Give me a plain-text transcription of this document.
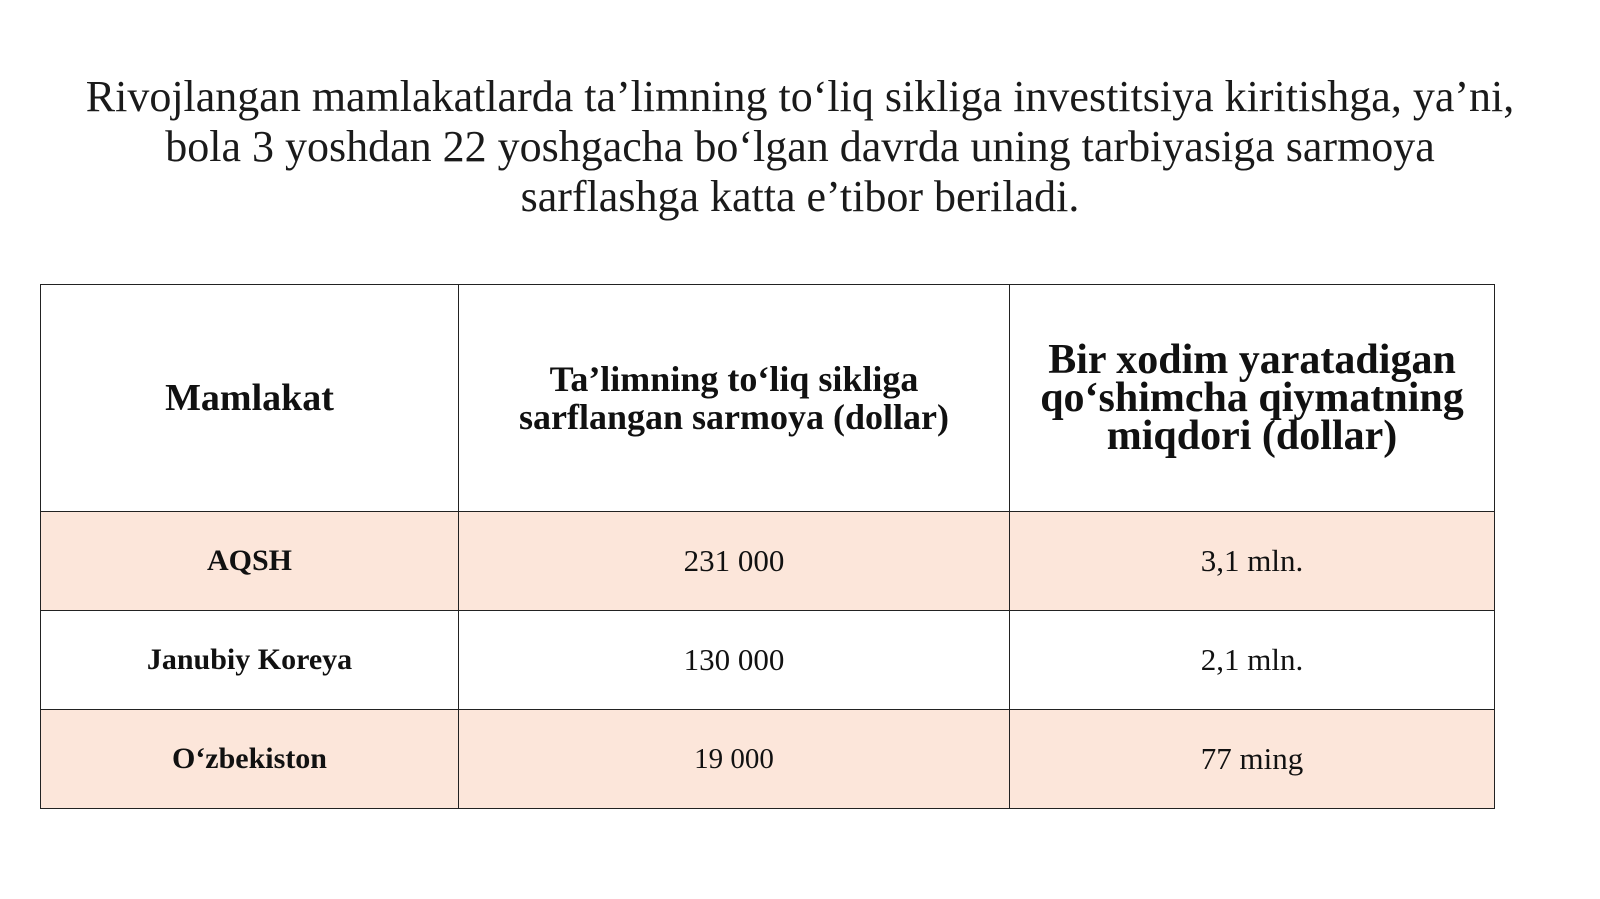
Rivojlangan mamlakatlarda ta’limning to‘liq sikliga investitsiya kiritishga, ya’ni, bola 3 yoshdan 22 yoshgacha bo‘lgan davrda uning tarbiyasiga sarmoya sarflashga katta e’tibor beriladi.

Mamlakat	Ta’limning to‘liq sikliga sarflangan sarmoya (dollar)	Bir xodim yaratadigan qo‘shimcha qiymatning miqdori (dollar)
AQSH	231 000	3,1 mln.
Janubiy Koreya	130 000	2,1 mln.
O‘zbekiston	19 000	77 ming
